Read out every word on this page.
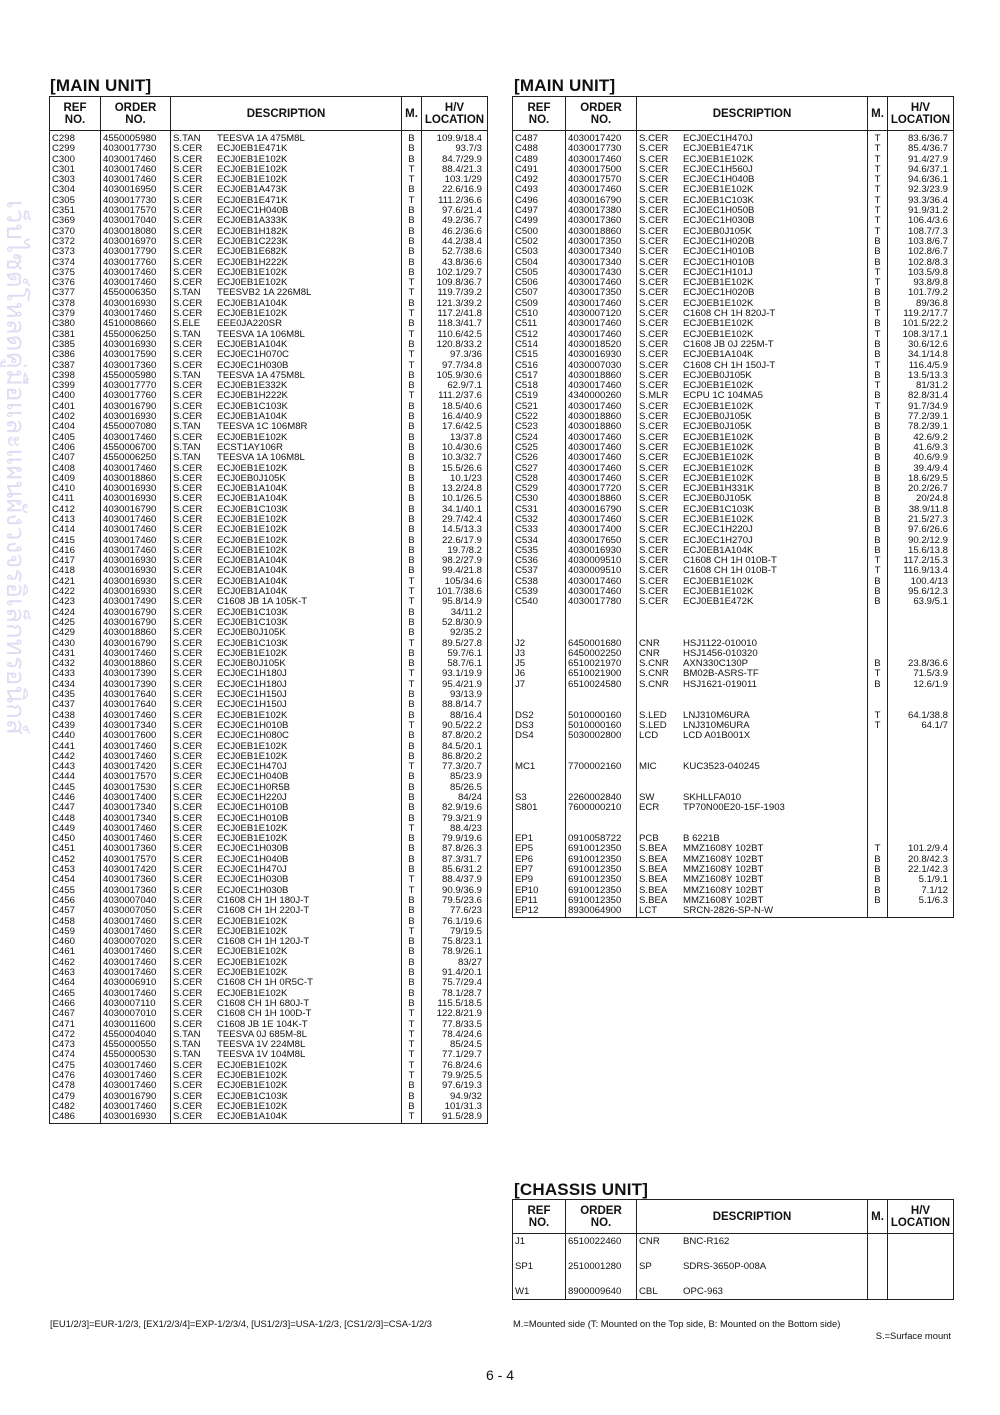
เว็บไซต์โหลดคู่มือและแผนผังวงจรอิเล็กทรอนิกส์
[MAIN UNIT]
REF
NO.	ORDER
NO.	DESCRIPTION	M.	H/V
LOCATION
C298	4550005980	S.TAN TEESVA 1A 475M8L	B	109.9/18.4
C299	4030017730	S.CER ECJ0EB1E471K	B	93.7/3
C300	4030017460	S.CER ECJ0EB1E102K	B	84.7/29.9
C301	4030017460	S.CER ECJ0EB1E102K	T	88.4/21.3
C303	4030017460	S.CER ECJ0EB1E102K	T	103.1/29
C304	4030016950	S.CER ECJ0EB1A473K	B	22.6/16.9
C305	4030017730	S.CER ECJ0EB1E471K	T	111.2/36.6
C351	4030017570	S.CER ECJ0EC1H040B	B	97.6/21.4
C369	4030017040	S.CER ECJ0EB1A333K	B	49.2/36.7
C370	4030018080	S.CER ECJ0EB1H182K	B	46.2/36.6
C372	4030016970	S.CER ECJ0EB1C223K	B	44.2/38.4
C373	4030017790	S.CER ECJ0EB1E682K	B	52.7/38.6
C374	4030017760	S.CER ECJ0EB1H222K	B	43.8/36.6
C375	4030017460	S.CER ECJ0EB1E102K	B	102.1/29.7
C376	4030017460	S.CER ECJ0EB1E102K	T	109.8/36.7
C377	4550006350	S.TAN TEESVB2 1A 226M8L	T	119.7/39.2
C378	4030016930	S.CER ECJ0EB1A104K	B	121.3/39.2
C379	4030017460	S.CER ECJ0EB1E102K	T	117.2/41.8
C380	4510008660	S.ELE EEE0JA220SR	B	118.3/41.7
C381	4550006250	S.TAN TEESVA 1A 106M8L	T	110.6/42.5
C385	4030016930	S.CER ECJ0EB1A104K	B	120.8/33.2
C386	4030017590	S.CER ECJ0EC1H070C	T	97.3/36
C387	4030017360	S.CER ECJ0EC1H030B	T	97.7/34.8
C398	4550005980	S.TAN TEESVA 1A 475M8L	B	105.9/30.6
C399	4030017770	S.CER ECJ0EB1E332K	B	62.9/7.1
C400	4030017760	S.CER ECJ0EB1H222K	T	111.2/37.6
C401	4030016790	S.CER ECJ0EB1C103K	B	18.5/40.6
C402	4030016930	S.CER ECJ0EB1A104K	B	16.4/40.9
C404	4550007080	S.TAN TEESVA 1C 106M8R	B	17.6/42.5
C405	4030017460	S.CER ECJ0EB1E102K	B	13/37.8
C406	4550006700	S.TAN ECST1AY106R	B	10.4/30.6
C407	4550006250	S.TAN TEESVA 1A 106M8L	B	10.3/32.7
C408	4030017460	S.CER ECJ0EB1E102K	B	15.5/26.6
C409	4030018860	S.CER ECJ0EB0J105K	B	10.1/23
C410	4030016930	S.CER ECJ0EB1A104K	B	13.2/24.8
C411	4030016930	S.CER ECJ0EB1A104K	B	10.1/26.5
C412	4030016790	S.CER ECJ0EB1C103K	B	34.1/40.1
C413	4030017460	S.CER ECJ0EB1E102K	B	29.7/42.4
C414	4030017460	S.CER ECJ0EB1E102K	B	14.5/13.3
C415	4030017460	S.CER ECJ0EB1E102K	B	22.6/17.9
C416	4030017460	S.CER ECJ0EB1E102K	B	19.7/8.2
C417	4030016930	S.CER ECJ0EB1A104K	B	98.2/27.9
C418	4030016930	S.CER ECJ0EB1A104K	B	99.4/21.8
C421	4030016930	S.CER ECJ0EB1A104K	T	105/34.6
C422	4030016930	S.CER ECJ0EB1A104K	T	101.7/38.6
C423	4030017490	S.CER C1608 JB 1A 105K-T	T	95.8/14.9
C424	4030016790	S.CER ECJ0EB1C103K	B	34/11.2
C425	4030016790	S.CER ECJ0EB1C103K	B	52.8/30.9
C429	4030018860	S.CER ECJ0EB0J105K	B	92/35.2
C430	4030016790	S.CER ECJ0EB1C103K	T	89.5/27.8
C431	4030017460	S.CER ECJ0EB1E102K	B	59.7/6.1
C432	4030018860	S.CER ECJ0EB0J105K	B	58.7/6.1
C433	4030017390	S.CER ECJ0EC1H180J	T	93.1/19.9
C434	4030017390	S.CER ECJ0EC1H180J	T	95.4/21.9
C435	4030017640	S.CER ECJ0EC1H150J	B	93/13.9
C437	4030017640	S.CER ECJ0EC1H150J	B	88.8/14.7
C438	4030017460	S.CER ECJ0EB1E102K	B	88/16.4
C439	4030017340	S.CER ECJ0EC1H010B	T	90.5/22.2
C440	4030017600	S.CER ECJ0EC1H080C	B	87.8/20.2
C441	4030017460	S.CER ECJ0EB1E102K	B	84.5/20.1
C442	4030017460	S.CER ECJ0EB1E102K	B	86.8/20.2
C443	4030017420	S.CER ECJ0EC1H470J	T	77.3/20.7
C444	4030017570	S.CER ECJ0EC1H040B	B	85/23.9
C445	4030017530	S.CER ECJ0EC1H0R5B	B	85/26.5
C446	4030017400	S.CER ECJ0EC1H220J	B	84/24
C447	4030017340	S.CER ECJ0EC1H010B	B	82.9/19.6
C448	4030017340	S.CER ECJ0EC1H010B	B	79.3/21.9
C449	4030017460	S.CER ECJ0EB1E102K	T	88.4/23
C450	4030017460	S.CER ECJ0EB1E102K	B	79.9/19.6
C451	4030017360	S.CER ECJ0EC1H030B	B	87.8/26.3
C452	4030017570	S.CER ECJ0EC1H040B	B	87.3/31.7
C453	4030017420	S.CER ECJ0EC1H470J	B	85.6/31.2
C454	4030017360	S.CER ECJ0EC1H030B	T	88.4/37.9
C455	4030017360	S.CER ECJ0EC1H030B	T	90.9/36.9
C456	4030007040	S.CER C1608 CH 1H 180J-T	B	79.5/23.6
C457	4030007050	S.CER C1608 CH 1H 220J-T	B	77.6/23
C458	4030017460	S.CER ECJ0EB1E102K	B	76.1/19.6
C459	4030017460	S.CER ECJ0EB1E102K	T	79/19.5
C460	4030007020	S.CER C1608 CH 1H 120J-T	B	75.8/23.1
C461	4030017460	S.CER ECJ0EB1E102K	B	78.9/26.1
C462	4030017460	S.CER ECJ0EB1E102K	B	83/27
C463	4030017460	S.CER ECJ0EB1E102K	B	91.4/20.1
C464	4030006910	S.CER C1608 CH 1H 0R5C-T	B	75.7/29.4
C465	4030017460	S.CER ECJ0EB1E102K	B	78.1/28.7
C466	4030007110	S.CER C1608 CH 1H 680J-T	B	115.5/18.5
C467	4030007010	S.CER C1608 CH 1H 100D-T	T	122.8/21.9
C471	4030011600	S.CER C1608 JB 1E 104K-T	T	77.8/33.5
C472	4550004040	S.TAN TEESVA 0J 685M-8L	T	78.4/24.6
C473	4550000550	S.TAN TEESVA 1V 224M8L	T	85/24.5
C474	4550000530	S.TAN TEESVA 1V 104M8L	T	77.1/29.7
C475	4030017460	S.CER ECJ0EB1E102K	T	76.8/24.6
C476	4030017460	S.CER ECJ0EB1E102K	T	79.9/25.5
C478	4030017460	S.CER ECJ0EB1E102K	B	97.6/19.3
C479	4030016790	S.CER ECJ0EB1C103K	B	94.9/32
C482	4030017460	S.CER ECJ0EB1E102K	B	101/31.3
C486	4030016930	S.CER ECJ0EB1A104K	T	91.5/28.9
[MAIN UNIT]
REF
NO.	ORDER
NO.	DESCRIPTION	M.	H/V
LOCATION
C487	4030017420	S.CER ECJ0EC1H470J	T	83.6/36.7
C488	4030017730	S.CER ECJ0EB1E471K	T	85.4/36.7
C489	4030017460	S.CER ECJ0EB1E102K	T	91.4/27.9
C491	4030017500	S.CER ECJ0EC1H560J	T	94.6/37.1
C492	4030017570	S.CER ECJ0EC1H040B	T	94.6/36.1
C493	4030017460	S.CER ECJ0EB1E102K	T	92.3/23.9
C496	4030016790	S.CER ECJ0EB1C103K	T	93.3/36.4
C497	4030017380	S.CER ECJ0EC1H050B	T	91.9/31.2
C499	4030017360	S.CER ECJ0EC1H030B	T	106.4/3.6
C500	4030018860	S.CER ECJ0EB0J105K	T	108.7/7.3
C502	4030017350	S.CER ECJ0EC1H020B	B	103.8/6.7
C503	4030017340	S.CER ECJ0EC1H010B	B	102.8/6.7
C504	4030017340	S.CER ECJ0EC1H010B	B	102.8/8.3
C505	4030017430	S.CER ECJ0EC1H101J	T	103.5/9.8
C506	4030017460	S.CER ECJ0EB1E102K	T	93.8/9.8
C507	4030017350	S.CER ECJ0EC1H020B	B	101.7/9.2
C509	4030017460	S.CER ECJ0EB1E102K	B	89/36.8
C510	4030007120	S.CER C1608 CH 1H 820J-T	T	119.2/17.7
C511	4030017460	S.CER ECJ0EB1E102K	B	101.5/22.2
C512	4030017460	S.CER ECJ0EB1E102K	T	108.3/17.1
C514	4030018520	S.CER C1608 JB 0J 225M-T	B	30.6/12.6
C515	4030016930	S.CER ECJ0EB1A104K	B	34.1/14.8
C516	4030007030	S.CER C1608 CH 1H 150J-T	T	116.4/5.9
C517	4030018860	S.CER ECJ0EB0J105K	B	13.5/13.3
C518	4030017460	S.CER ECJ0EB1E102K	T	81/31.2
C519	4340000260	S.MLR ECPU 1C 104MA5	B	82.8/31.4
C521	4030017460	S.CER ECJ0EB1E102K	T	91.7/34.9
C522	4030018860	S.CER ECJ0EB0J105K	B	77.2/39.1
C523	4030018860	S.CER ECJ0EB0J105K	B	78.2/39.1
C524	4030017460	S.CER ECJ0EB1E102K	B	42.6/9.2
C525	4030017460	S.CER ECJ0EB1E102K	B	41.6/9.3
C526	4030017460	S.CER ECJ0EB1E102K	B	40.6/9.9
C527	4030017460	S.CER ECJ0EB1E102K	B	39.4/9.4
C528	4030017460	S.CER ECJ0EB1E102K	B	18.6/29.5
C529	4030017720	S.CER ECJ0EB1H331K	B	20.2/26.7
C530	4030018860	S.CER ECJ0EB0J105K	B	20/24.8
C531	4030016790	S.CER ECJ0EB1C103K	B	38.9/11.8
C532	4030017460	S.CER ECJ0EB1E102K	B	21.5/27.3
C533	4030017400	S.CER ECJ0EC1H220J	B	97.6/26.6
C534	4030017650	S.CER ECJ0EC1H270J	B	90.2/12.9
C535	4030016930	S.CER ECJ0EB1A104K	B	15.6/13.8
C536	4030009510	S.CER C1608 CH 1H 010B-T	T	117.2/15.3
C537	4030009510	S.CER C1608 CH 1H 010B-T	T	116.9/13.4
C538	4030017460	S.CER ECJ0EB1E102K	B	100.4/13
C539	4030017460	S.CER ECJ0EB1E102K	B	95.6/12.3
C540	4030017780	S.CER ECJ0EB1E472K	B	63.9/5.1

J2	6450001680	CNR HSJ1122-010010		
J3	6450002250	CNR HSJ1456-010320		
J5	6510021970	S.CNR AXN330C130P	B	23.8/36.6
J6	6510021900	S.CNR BM02B-ASRS-TF	T	71.5/3.9
J7	6510024580	S.CNR HSJ1621-019011	B	12.6/1.9

DS2	5010000160	S.LED LNJ310M6URA	T	64.1/38.8
DS3	5010000160	S.LED LNJ310M6URA	T	64.1/7
DS4	5030002800	LCD LCD A01B001X		

MC1	7700002160	MIC KUC3523-040245		

S3	2260002840	SW SKHLLFA010		
S801	7600000210	ECR TP70N00E20-15F-1903		

EP1	0910058722	PCB B 6221B		
EP5	6910012350	S.BEA MMZ1608Y 102BT	T	101.2/9.4
EP6	6910012350	S.BEA MMZ1608Y 102BT	B	20.8/42.3
EP7	6910012350	S.BEA MMZ1608Y 102BT	B	22.1/42.3
EP9	6910012350	S.BEA MMZ1608Y 102BT	B	5.1/9.1
EP10	6910012350	S.BEA MMZ1608Y 102BT	B	7.1/12
EP11	6910012350	S.BEA MMZ1608Y 102BT	B	5.1/6.3
EP12	8930064900	LCT SRCN-2826-SP-N-W		
[CHASSIS UNIT]
REF
NO.	ORDER
NO.	DESCRIPTION	M.	H/V
LOCATION
J1	6510022460	CNR BNC-R162		

SP1	2510001280	SP SDRS-3650P-008A		

W1	8900009640	CBL OPC-963		
[EU1/2/3]=EUR-1/2/3, [EX1/2/3/4]=EXP-1/2/3/4, [US1/2/3]=USA-1/2/3, [CS1/2/3]=CSA-1/2/3	M.=Mounted side (T: Mounted on the Top side, B: Mounted on the Bottom side)
S.=Surface mount
6 - 4
